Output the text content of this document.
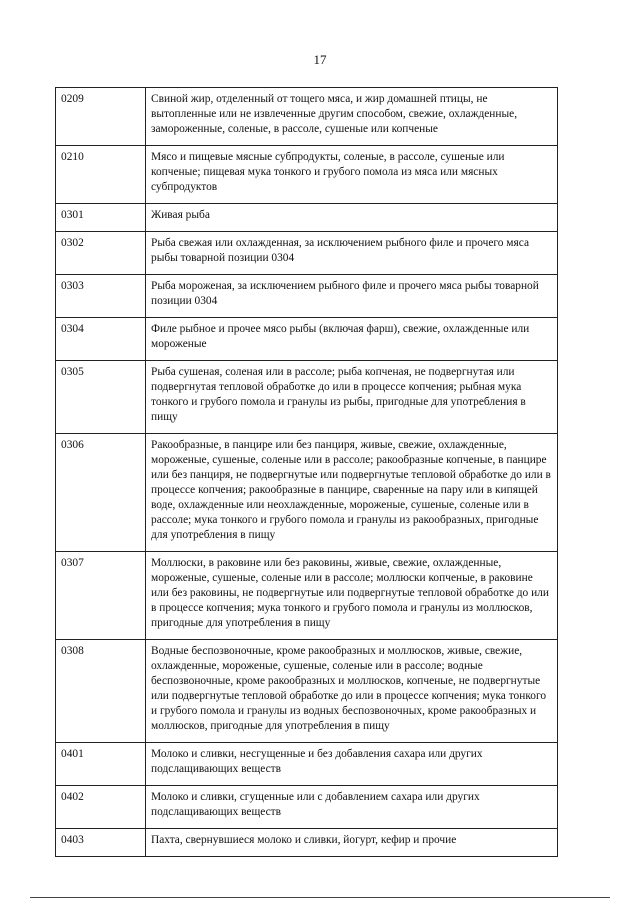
17
0209	Свиной жир, отделенный от тощего мяса, и жир домашней птицы, не вытопленные или не извлеченные другим способом, свежие, охлажденные, замороженные, соленые, в рассоле, сушеные или копченые
0210	Мясо и пищевые мясные субпродукты, соленые, в рассоле, сушеные или копченые; пищевая мука тонкого и грубого помола из мяса или мясных субпродуктов
0301	Живая рыба
0302	Рыба свежая или охлажденная, за исключением рыбного филе и прочего мяса рыбы товарной позиции 0304
0303	Рыба мороженая, за исключением рыбного филе и прочего мяса рыбы товарной позиции 0304
0304	Филе рыбное и прочее мясо рыбы (включая фарш), свежие, охлажденные или мороженые
0305	Рыба сушеная, соленая или в рассоле; рыба копченая, не подвергнутая или подвергнутая тепловой обработке до или в процессе копчения; рыбная мука тонкого и грубого помола и гранулы из рыбы, пригодные для употребления в пищу
0306	Ракообразные, в панцире или без панциря, живые, свежие, охлажденные, мороженые, сушеные, соленые или в рассоле; ракообразные копченые, в панцире или без панциря, не подвергнутые или подвергнутые тепловой обработке до или в процессе копчения; ракообразные в панцире, сваренные на пару или в кипящей воде, охлажденные или неохлажденные, мороженые, сушеные, соленые или в рассоле; мука тонкого и грубого помола и гранулы из ракообразных, пригодные для употребления в пищу
0307	Моллюски, в раковине или без раковины, живые, свежие, охлажденные, мороженые, сушеные, соленые или в рассоле; моллюски копченые, в раковине или без раковины, не подвергнутые или подвергнутые тепловой обработке до или в процессе копчения; мука тонкого и грубого помола и гранулы из моллюсков, пригодные для употребления в пищу
0308	Водные беспозвоночные, кроме ракообразных и моллюсков, живые, свежие, охлажденные, мороженые, сушеные, соленые или в рассоле; водные беспозвоночные, кроме ракообразных и моллюсков, копченые, не подвергнутые или подвергнутые тепловой обработке до или в процессе копчения; мука тонкого и грубого помола и гранулы из водных беспозвоночных, кроме ракообразных и моллюсков, пригодные для употребления в пищу
0401	Молоко и сливки, несгущенные и без добавления сахара или других подслащивающих веществ
0402	Молоко и сливки, сгущенные или с добавлением сахара или других подслащивающих веществ
0403	Пахта, свернувшиеся молоко и сливки, йогурт, кефир и прочие
